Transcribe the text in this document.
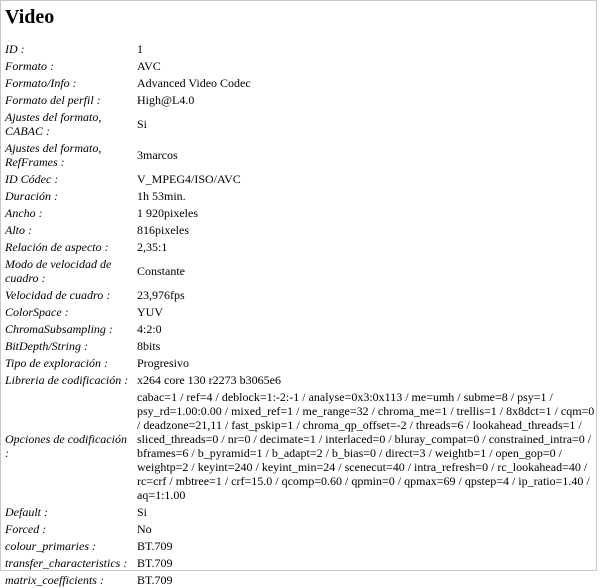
Video
ID :	1
Formato :	AVC
Formato/Info :	Advanced Video Codec
Formato del perfil :	High@L4.0
Ajustes del formato, CABAC :	Si
Ajustes del formato, RefFrames :	3marcos
ID Códec :	V_MPEG4/ISO/AVC
Duración :	1h 53min.
Ancho :	1 920pixeles
Alto :	816pixeles
Relación de aspecto :	2,35:1
Modo de velocidad de cuadro :	Constante
Velocidad de cuadro :	23,976fps
ColorSpace :	YUV
ChromaSubsampling :	4:2:0
BitDepth/String :	8bits
Tipo de exploración :	Progresivo
Libreria de codificación :	x264 core 130 r2273 b3065e6
Opciones de codificación :	cabac=1 / ref=4 / deblock=1:-2:-1 / analyse=0x3:0x113 / me=umh / subme=8 / psy=1 / psy_rd=1.00:0.00 / mixed_ref=1 / me_range=32 / chroma_me=1 / trellis=1 / 8x8dct=1 / cqm=0 / deadzone=21,11 / fast_pskip=1 / chroma_qp_offset=-2 / threads=6 / lookahead_threads=1 / sliced_threads=0 / nr=0 / decimate=1 / interlaced=0 / bluray_compat=0 / constrained_intra=0 / bframes=6 / b_pyramid=1 / b_adapt=2 / b_bias=0 / direct=3 / weightb=1 / open_gop=0 / weightp=2 / keyint=240 / keyint_min=24 / scenecut=40 / intra_refresh=0 / rc_lookahead=40 / rc=crf / mbtree=1 / crf=15.0 / qcomp=0.60 / qpmin=0 / qpmax=69 / qpstep=4 / ip_ratio=1.40 / aq=1:1.00
Default :	Si
Forced :	No
colour_primaries :	BT.709
transfer_characteristics :	BT.709
matrix_coefficients :	BT.709
